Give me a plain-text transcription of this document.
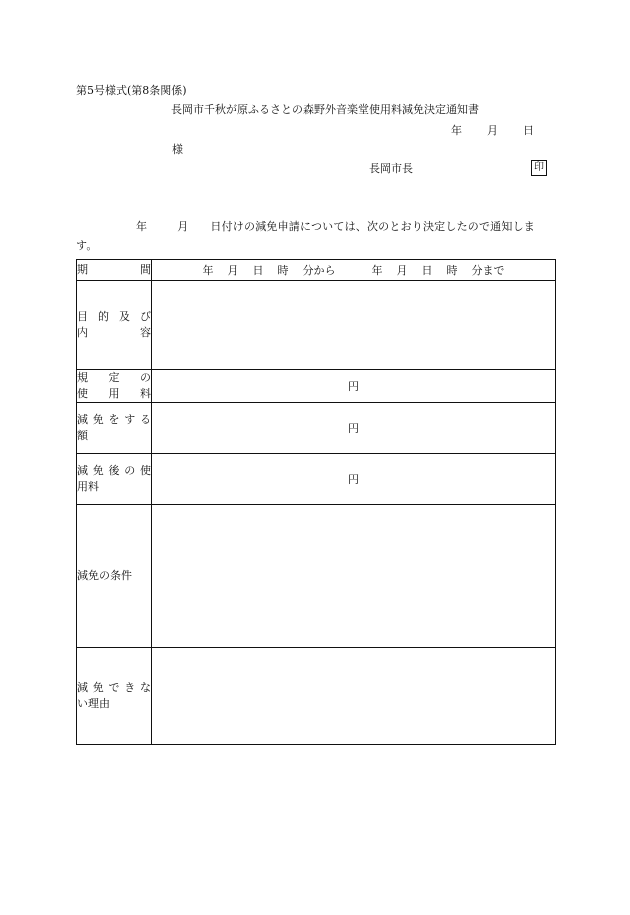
第5号様式(第8条関係)
長岡市千秋が原ふるさとの森野外音楽堂使用料減免決定通知書
年 月 日
様
長岡市長	印
年	月 日付けの減免申請については、次のとおり決定したので通知します。
期　　間	年 月 日 時 分から 年 月 日 時 分まで

目的及び
内　容	

規定の
使用料	円

減免をする
額	円

減免後の使
用料	円
減免の条件	

減免できな
い理由	
